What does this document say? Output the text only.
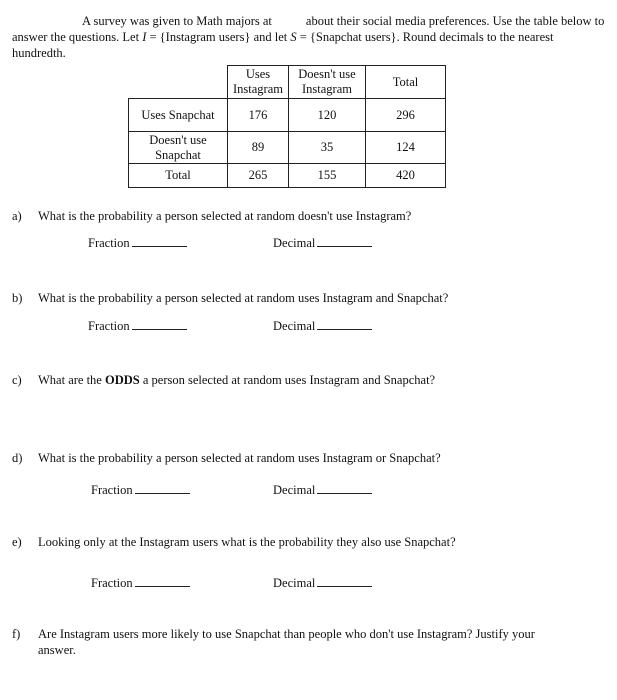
A survey was given to Math majors at	about their social media preferences. Use the table below to answer the questions. Let I = {Instagram users} and let S = {Snapchat users}. Round decimals to the nearest hundredth.
	Uses Instagram	Doesn't use Instagram	Total
Uses Snapchat	176	120	296
Doesn't use Snapchat	89	35	124
Total	265	155	420
a) What is the probability a person selected at random doesn't use Instagram?
Fraction	Decimal
b) What is the probability a person selected at random uses Instagram and Snapchat?
Fraction	Decimal
c) What are the ODDS a person selected at random uses Instagram and Snapchat?
d) What is the probability a person selected at random uses Instagram or Snapchat?
Fraction	Decimal
e) Looking only at the Instagram users what is the probability they also use Snapchat?
Fraction	Decimal
f) Are Instagram users more likely to use Snapchat than people who don't use Instagram? Justify your
answer.
